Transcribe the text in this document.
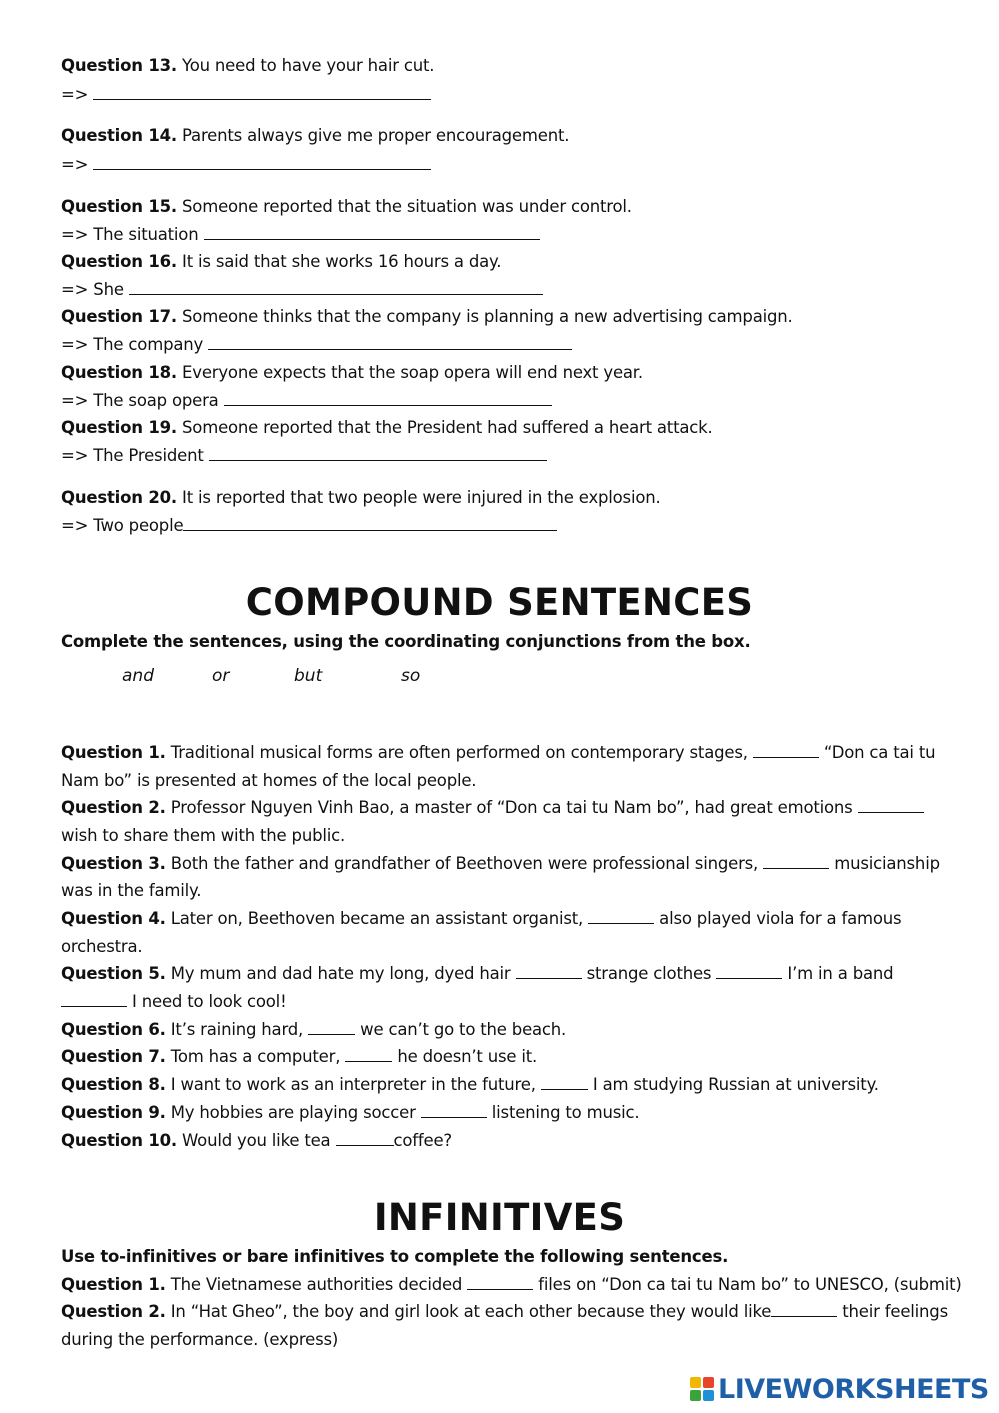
Question 13. You need to have your hair cut.
=>
Question 14. Parents always give me proper encouragement.
=>
Question 15. Someone reported that the situation was under control.
=> The situation
Question 16. It is said that she works 16 hours a day.
=> She
Question 17. Someone thinks that the company is planning a new advertising campaign.
=> The company
Question 18. Everyone expects that the soap opera will end next year.
=> The soap opera
Question 19. Someone reported that the President had suffered a heart attack.
=> The President
Question 20. It is reported that two people were injured in the explosion.
=> Two people
COMPOUND SENTENCES
Complete the sentences, using the coordinating conjunctions from the box.
and	or	but	so
Question 1. Traditional musical forms are often performed on contemporary stages,	“Don ca tai tu
Nam bo” is presented at homes of the local people.
Question 2. Professor Nguyen Vinh Bao, a master of “Don ca tai tu Nam bo”, had great emotions
wish to share them with the public.
Question 3. Both the father and grandfather of Beethoven were professional singers,	musicianship
was in the family.
Question 4. Later on, Beethoven became an assistant organist,	also played viola for a famous
orchestra.
Question 5. My mum and dad hate my long, dyed hair	strange clothes	I’m in a band
I need to look cool!
Question 6. It’s raining hard,	we can’t go to the beach.
Question 7. Tom has a computer,	he doesn’t use it.
Question 8. I want to work as an interpreter in the future,	I am studying Russian at university.
Question 9. My hobbies are playing soccer	listening to music.
Question 10. Would you like tea	coffee?
INFINITIVES
Use to-infinitives or bare infinitives to complete the following sentences.
Question 1. The Vietnamese authorities decided	files on “Don ca tai tu Nam bo” to UNESCO, (submit)
Question 2. In “Hat Gheo”, the boy and girl look at each other because they would like	their feelings
during the performance. (express)
LIVEWORKSHEETS
